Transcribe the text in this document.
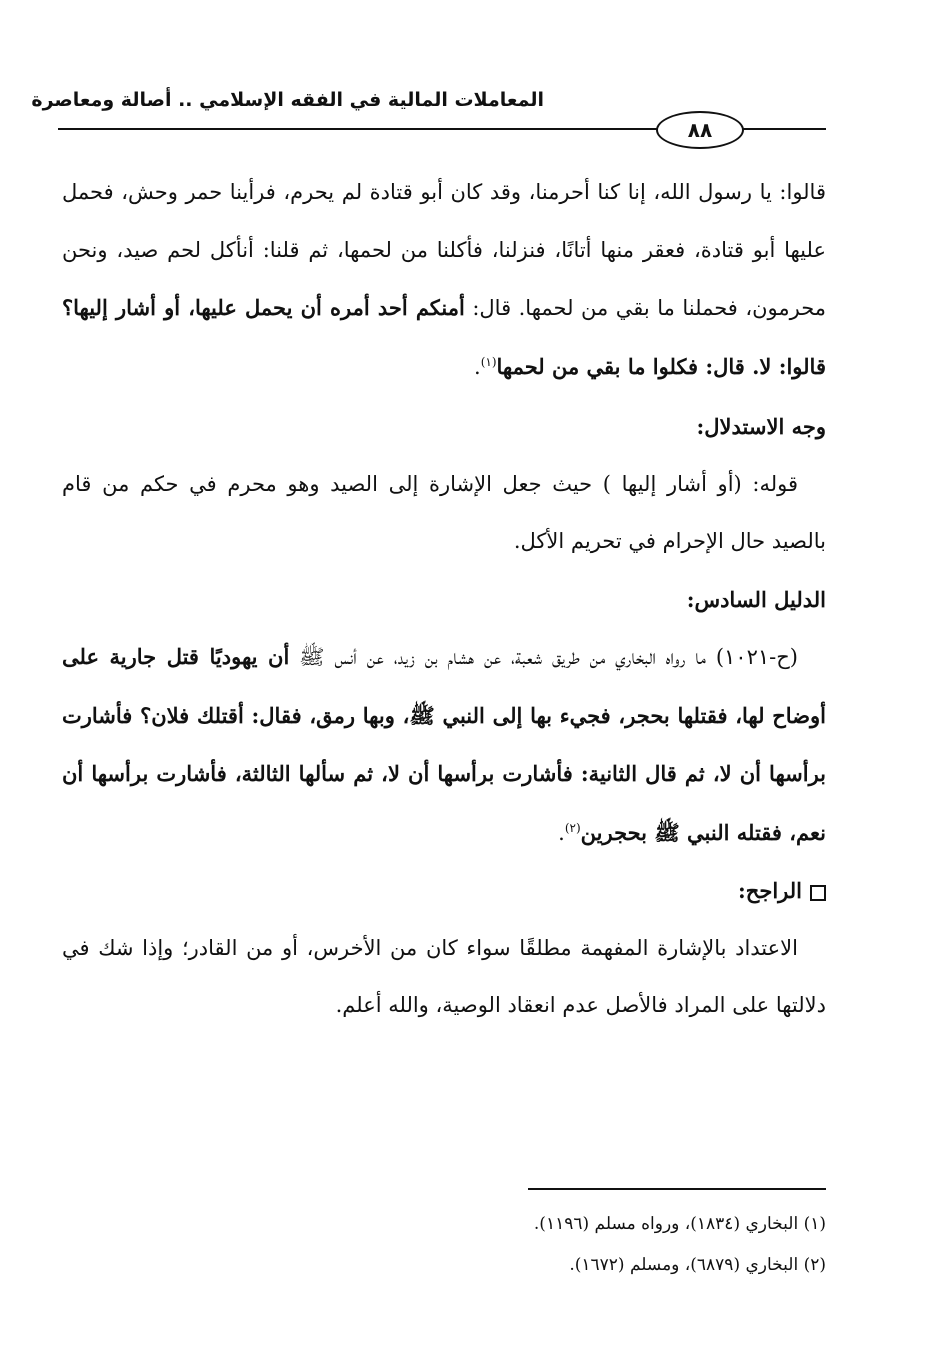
المعاملات المالية في الفقه الإسلامي .. أصالة ومعاصرة
٨٨

قالوا: يا رسول الله، إنا كنا أحرمنا، وقد كان أبو قتادة لم يحرم، فرأينا حمر وحش، فحمل عليها أبو قتادة، فعقر منها أتانًا، فنزلنا، فأكلنا من لحمها، ثم قلنا: أنأكل لحم صيد، ونحن محرمون، فحملنا ما بقي من لحمها. قال: أمنكم أحد أمره أن يحمل عليها، أو أشار إليها؟ قالوا: لا. قال: فكلوا ما بقي من لحمها$^{(١)}$.

وجه الاستدلال:

قوله: (أو أشار إليها ) حيث جعل الإشارة إلى الصيد وهو محرم في حكم من قام بالصيد حال الإحرام في تحريم الأكل.

الدليل السادس:

(ح-١٠٢١) ما رواه البخاري من طريق شعبة، عن هشام بن زيد، عن أنس ﷺ أن يهوديًا قتل جارية على أوضاح لها، فقتلها بحجر، فجيء بها إلى النبي ﷺ، وبها رمق، فقال: أقتلك فلان؟ فأشارت برأسها أن لا، ثم قال الثانية: فأشارت برأسها أن لا، ثم سألها الثالثة، فأشارت برأسها أن نعم، فقتله النبي ﷺ بحجرين$^{(٢)}$.

الراجح:

الاعتداد بالإشارة المفهمة مطلقًا سواء كان من الأخرس، أو من القادر؛ وإذا شك في دلالتها على المراد فالأصل عدم انعقاد الوصية، والله أعلم.

(١) البخاري (١٨٣٤)، ورواه مسلم (١١٩٦).

(٢) البخاري (٦٨٧٩)، ومسلم (١٦٧٢).
